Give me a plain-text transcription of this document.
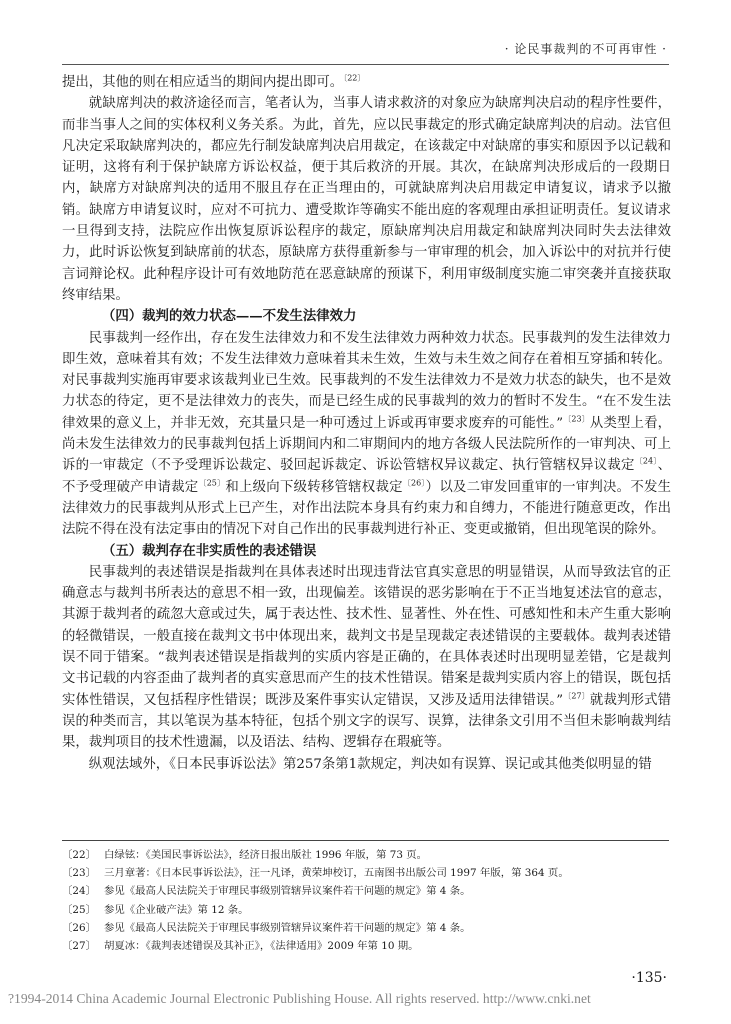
· 论民事裁判的不可再审性 ·

提出，其他的则在相应适当的期间内提出即可。$^{〔22〕}$

就缺席判决的救济途径而言，笔者认为，当事人请求救济的对象应为缺席判决启动的程序性要件，而非当事人之间的实体权利义务关系。为此，首先，应以民事裁定的形式确定缺席判决的启动。法官但凡决定采取缺席判决的，都应先行制发缺席判决启用裁定，在该裁定中对缺席的事实和原因予以记载和证明，这将有利于保护缺席方诉讼权益，便于其后救济的开展。其次，在缺席判决形成后的一段期日内，缺席方对缺席判决的适用不服且存在正当理由的，可就缺席判决启用裁定申请复议，请求予以撤销。缺席方申请复议时，应对不可抗力、遭受欺诈等确实不能出庭的客观理由承担证明责任。复议请求一旦得到支持，法院应作出恢复原诉讼程序的裁定，原缺席判决启用裁定和缺席判决同时失去法律效力，此时诉讼恢复到缺席前的状态，原缺席方获得重新参与一审审理的机会，加入诉讼中的对抗并行使言词辩论权。此种程序设计可有效地防范在恶意缺席的预谋下，利用审级制度实施二审突袭并直接获取终审结果。

（四）裁判的效力状态——不发生法律效力

民事裁判一经作出，存在发生法律效力和不发生法律效力两种效力状态。民事裁判的发生法律效力即生效，意味着其有效；不发生法律效力意味着其未生效，生效与未生效之间存在着相互穿插和转化。对民事裁判实施再审要求该裁判业已生效。民事裁判的不发生法律效力不是效力状态的缺失，也不是效力状态的待定，更不是法律效力的丧失，而是已经生成的民事裁判的效力的暂时不发生。“在不发生法律效果的意义上，并非无效，充其量只是一种可透过上诉或再审要求废弃的可能性。”$^{〔23〕}$从类型上看，尚未发生法律效力的民事裁判包括上诉期间内和二审期间内的地方各级人民法院所作的一审判决、可上诉的一审裁定（不予受理诉讼裁定、驳回起诉裁定、诉讼管辖权异议裁定、执行管辖权异议裁定$^{〔24〕}$、不予受理破产申请裁定$^{〔25〕}$和上级向下级转移管辖权裁定$^{〔26〕}$）以及二审发回重审的一审判决。不发生法律效力的民事裁判从形式上已产生，对作出法院本身具有约束力和自缚力，不能进行随意更改，作出法院不得在没有法定事由的情况下对自己作出的民事裁判进行补正、变更或撤销，但出现笔误的除外。

（五）裁判存在非实质性的表述错误

民事裁判的表述错误是指裁判在具体表述时出现违背法官真实意思的明显错误，从而导致法官的正确意志与裁判书所表达的意思不相一致，出现偏差。该错误的恶劣影响在于不正当地复述法官的意志，其源于裁判者的疏忽大意或过失，属于表达性、技术性、显著性、外在性、可感知性和未产生重大影响的轻微错误，一般直接在裁判文书中体现出来，裁判文书是呈现裁定表述错误的主要载体。裁判表述错误不同于错案。“裁判表述错误是指裁判的实质内容是正确的，在具体表述时出现明显差错，它是裁判文书记载的内容歪曲了裁判者的真实意思而产生的技术性错误。错案是裁判实质内容上的错误，既包括实体性错误，又包括程序性错误；既涉及案件事实认定错误，又涉及适用法律错误。”$^{〔27〕}$就裁判形式错误的种类而言，其以笔误为基本特征，包括个别文字的误写、误算，法律条文引用不当但未影响裁判结果，裁判项目的技术性遗漏，以及语法、结构、逻辑存在瑕疵等。

纵观法域外，《日本民事诉讼法》第257条第1款规定，判决如有误算、误记或其他类似明显的错

〔22〕 白绿铉：《美国民事诉讼法》，经济日报出版社 1996 年版，第 73 页。
〔23〕 三月章著：《日本民事诉讼法》，汪一凡译，黄荣坤校订，五南图书出版公司 1997 年版，第 364 页。
〔24〕 参见《最高人民法院关于审理民事级别管辖异议案件若干问题的规定》第 4 条。
〔25〕 参见《企业破产法》第 12 条。
〔26〕 参见《最高人民法院关于审理民事级别管辖异议案件若干问题的规定》第 4 条。
〔27〕 胡夏冰：《裁判表述错误及其补正》，《法律适用》2009 年第 10 期。
·135·
?1994-2014 China Academic Journal Electronic Publishing House. All rights reserved. http://www.cnki.net
